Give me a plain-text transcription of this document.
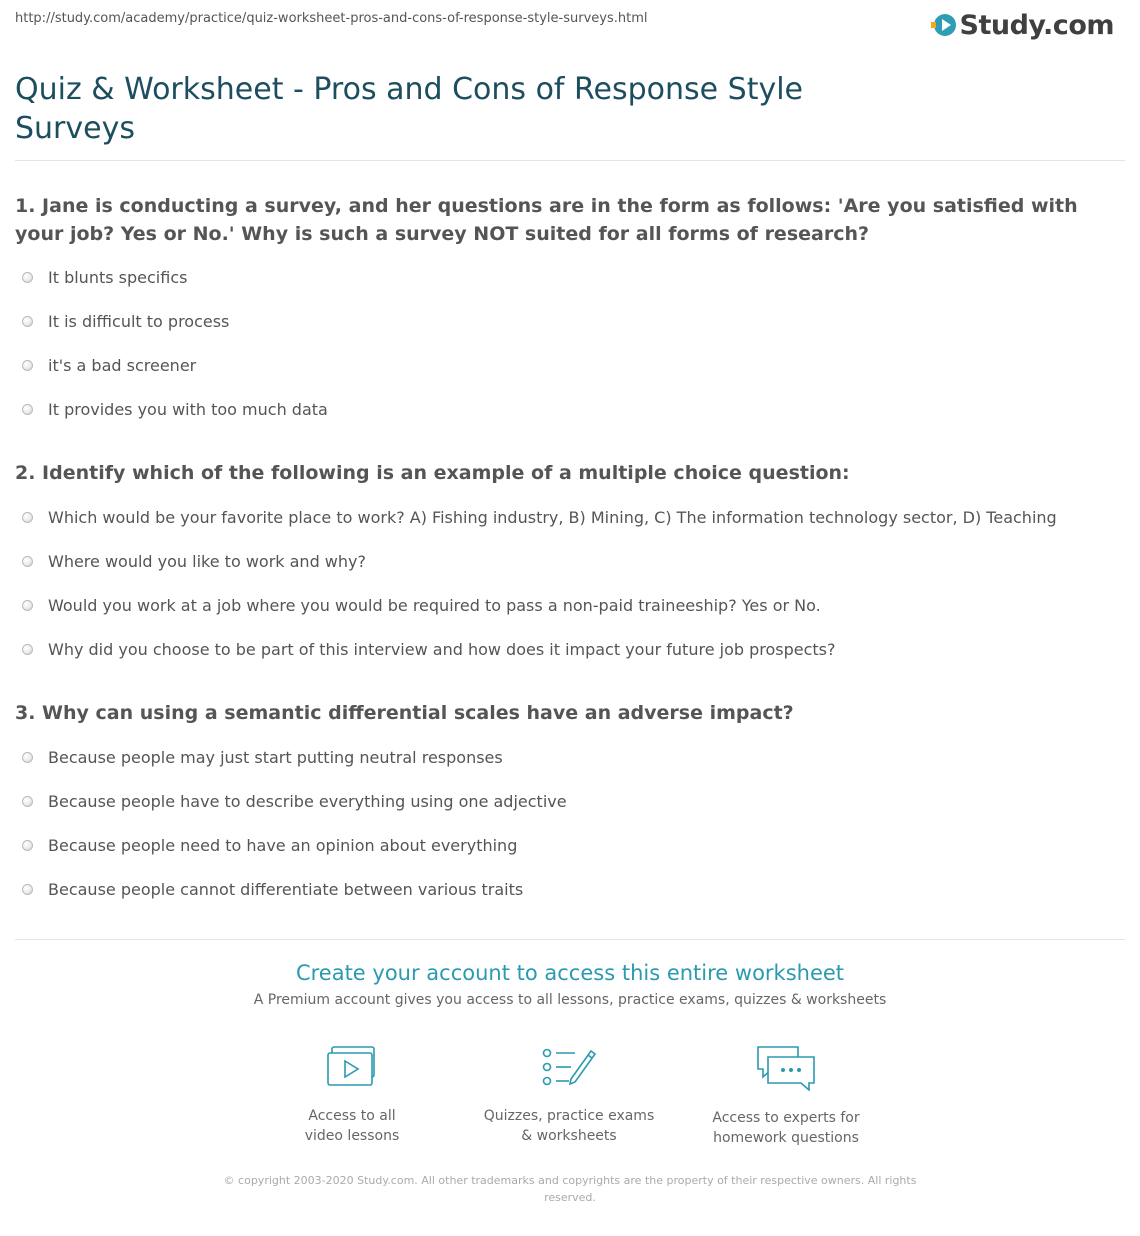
http://study.com/academy/practice/quiz-worksheet-pros-and-cons-of-response-style-surveys.html	Study.com
Quiz & Worksheet - Pros and Cons of Response Style Surveys
1. Jane is conducting a survey, and her questions are in the form as follows: 'Are you satisfied with your job? Yes or No.' Why is such a survey NOT suited for all forms of research?
It blunts specifics
It is difficult to process
it's a bad screener
It provides you with too much data
2. Identify which of the following is an example of a multiple choice question:
Which would be your favorite place to work? A) Fishing industry, B) Mining, C) The information technology sector, D) Teaching
Where would you like to work and why?
Would you work at a job where you would be required to pass a non-paid traineeship? Yes or No.
Why did you choose to be part of this interview and how does it impact your future job prospects?
3. Why can using a semantic differential scales have an adverse impact?
Because people may just start putting neutral responses
Because people have to describe everything using one adjective
Because people need to have an opinion about everything
Because people cannot differentiate between various traits
Create your account to access this entire worksheet
A Premium account gives you access to all lessons, practice exams, quizzes & worksheets
Access to all
video lessons
Quizzes, practice exams
& worksheets
Access to experts for
homework questions
© copyright 2003-2020 Study.com. All other trademarks and copyrights are the property of their respective owners. All rights reserved.
